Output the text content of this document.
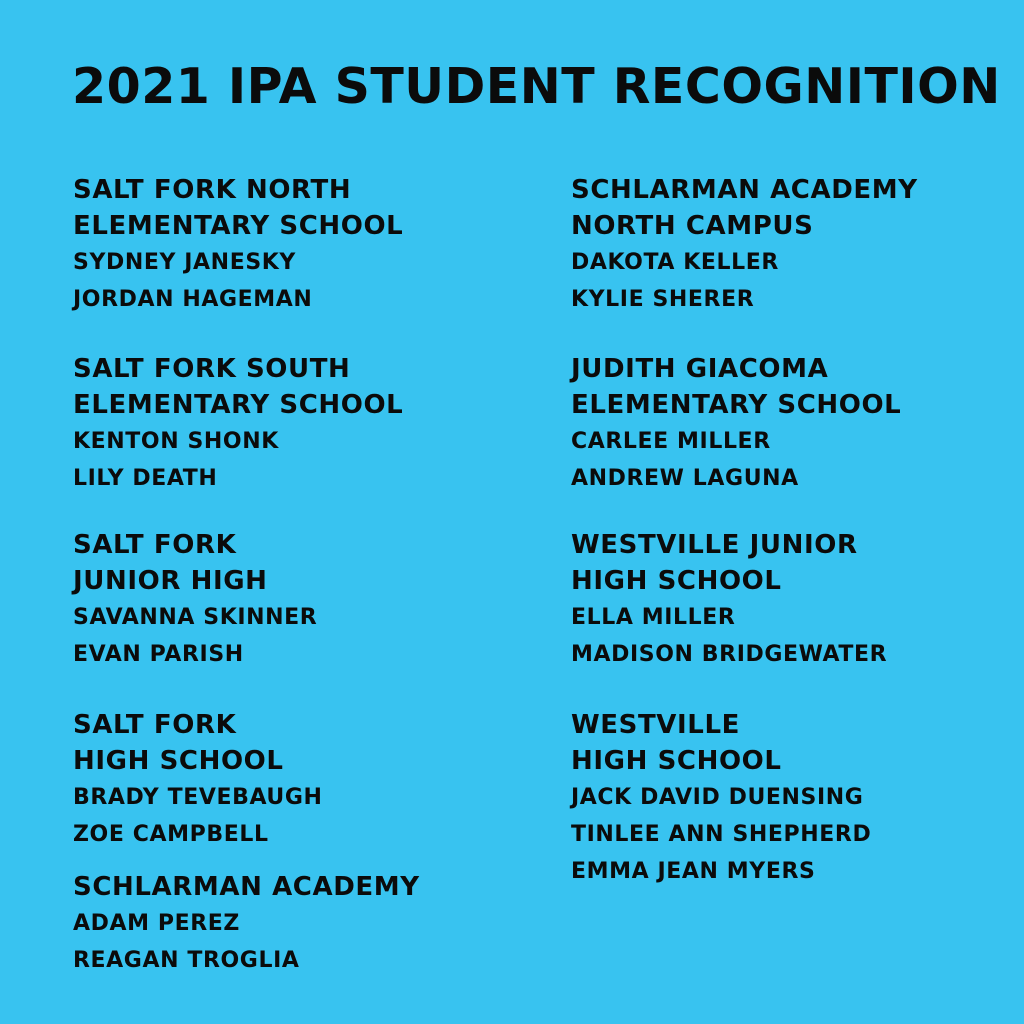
2021 IPA STUDENT RECOGNITION
SALT FORK NORTH
ELEMENTARY SCHOOL
SYDNEY JANESKY
JORDAN HAGEMAN
SALT FORK SOUTH
ELEMENTARY SCHOOL
KENTON SHONK
LILY DEATH
SALT FORK
JUNIOR HIGH
SAVANNA SKINNER
EVAN PARISH
SALT FORK
HIGH SCHOOL
BRADY TEVEBAUGH
ZOE CAMPBELL
SCHLARMAN ACADEMY
ADAM PEREZ
REAGAN TROGLIA
SCHLARMAN ACADEMY
NORTH CAMPUS
DAKOTA KELLER
KYLIE SHERER
JUDITH GIACOMA
ELEMENTARY SCHOOL
CARLEE MILLER
ANDREW LAGUNA
WESTVILLE JUNIOR
HIGH SCHOOL
ELLA MILLER
MADISON BRIDGEWATER
WESTVILLE
HIGH SCHOOL
JACK DAVID DUENSING
TINLEE ANN SHEPHERD
EMMA JEAN MYERS
